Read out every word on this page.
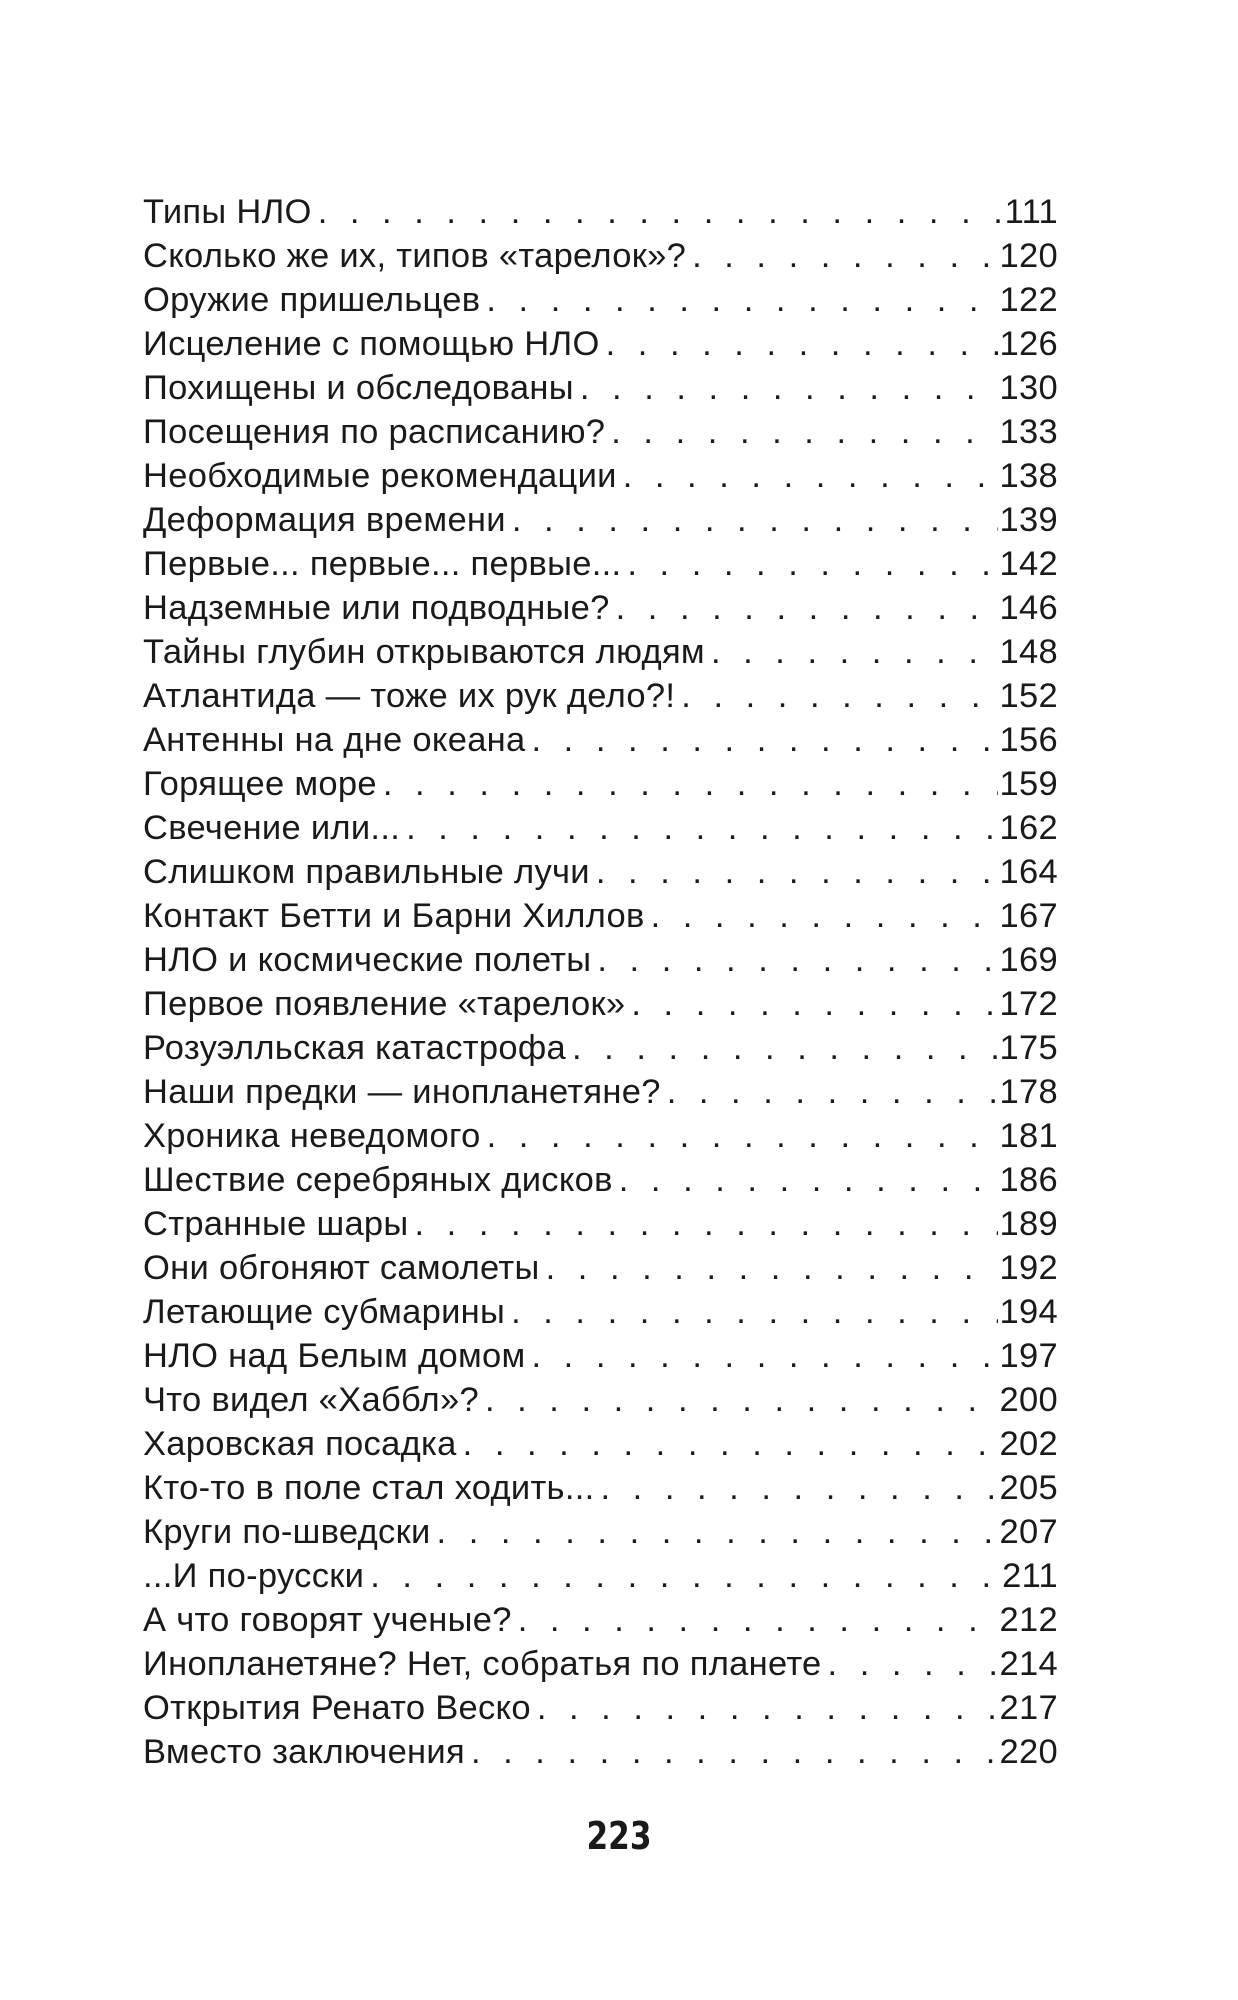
Типы НЛО . . .	111
Сколько же их, типов «тарелок»? . . .	120
Оружие пришельцев . . .	122
Исцеление с помощью НЛО . . .	126
Похищены и обследованы . . .	130
Посещения по расписанию? . . .	133
Необходимые рекомендации . . .	138
Деформация времени . . .	139
Первые... первые... первые... . . .	142
Надземные или подводные? . . .	146
Тайны глубин открываются людям . . .	148
Атлантида — тоже их рук дело?! . . .	152
Антенны на дне океана . . .	156
Горящее море . . .	159
Свечение или... . . .	162
Слишком правильные лучи . . .	164
Контакт Бетти и Барни Хиллов . . .	167
НЛО и космические полеты . . .	169
Первое появление «тарелок» . . .	172
Розуэлльская катастрофа . . .	175
Наши предки — инопланетяне? . . .	178
Хроника неведомого . . .	181
Шествие серебряных дисков . . .	186
Странные шары . . .	189
Они обгоняют самолеты . . .	192
Летающие субмарины . . .	194
НЛО над Белым домом . . .	197
Что видел «Хаббл»? . . .	200
Харовская посадка . . .	202
Кто-то в поле стал ходить... . . .	205
Круги по-шведски . . .	207
...И по-русски . . .	211
А что говорят ученые? . . .	212
Инопланетяне? Нет, собратья по планете . . .	214
Открытия Ренато Веско . . .	217
Вместо заключения . . .	220
223
